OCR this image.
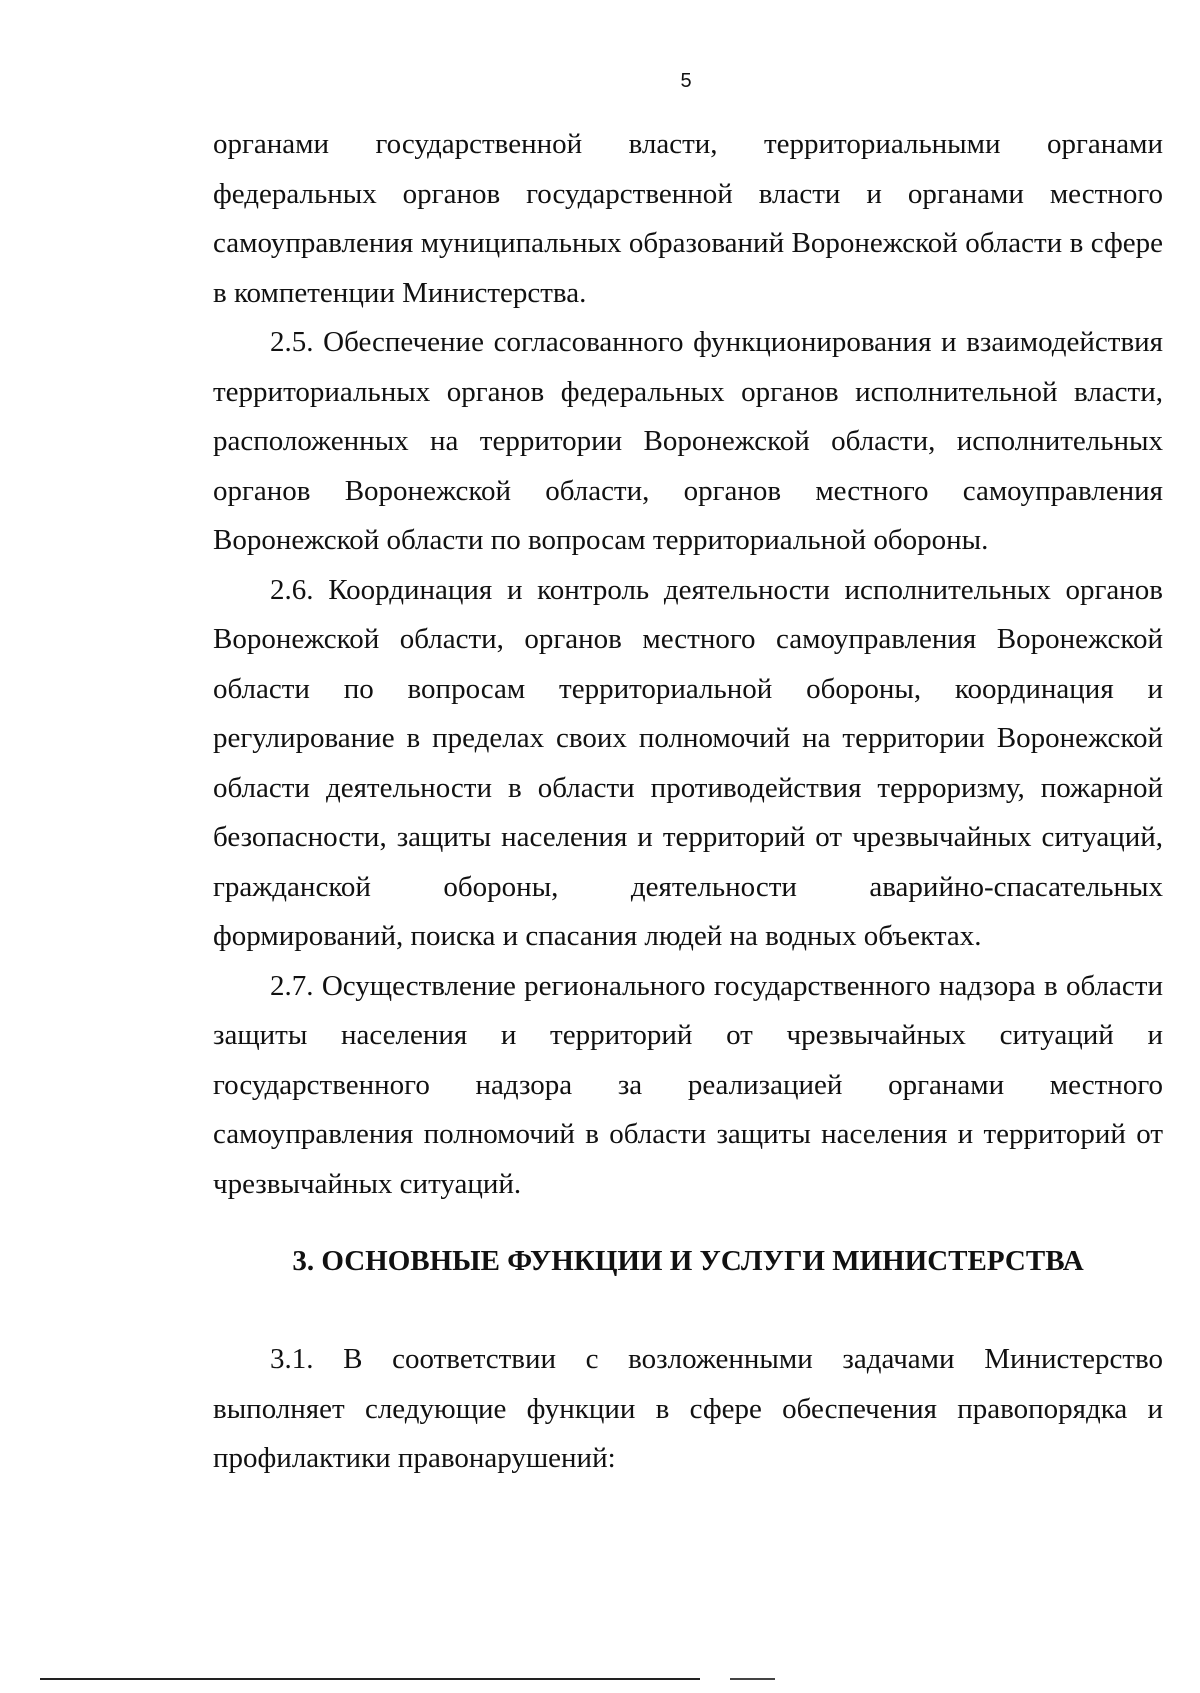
5

органами государственной власти, территориальными органами федеральных органов государственной власти и органами местного самоуправления муниципальных образований Воронежской области в сфере в компетенции Министерства.

2.5. Обеспечение согласованного функционирования и взаимодействия территориальных органов федеральных органов исполнительной власти, расположенных на территории Воронежской области, исполнительных органов Воронежской области, органов местного самоуправления Воронежской области по вопросам территориальной обороны.

2.6. Координация и контроль деятельности исполнительных органов Воронежской области, органов местного самоуправления Воронежской области по вопросам территориальной обороны, координация и регулирование в пределах своих полномочий на территории Воронежской области деятельности в области противодействия терроризму, пожарной безопасности, защиты населения и территорий от чрезвычайных ситуаций, гражданской обороны, деятельности аварийно-спасательных формирований, поиска и спасания людей на водных объектах.

2.7. Осуществление регионального государственного надзора в области защиты населения и территорий от чрезвычайных ситуаций и государственного надзора за реализацией органами местного самоуправления полномочий в области защиты населения и территорий от чрезвычайных ситуаций.

3. ОСНОВНЫЕ ФУНКЦИИ И УСЛУГИ МИНИСТЕРСТВА

3.1. В соответствии с возложенными задачами Министерство выполняет следующие функции в сфере обеспечения правопорядка и профилактики правонарушений:
